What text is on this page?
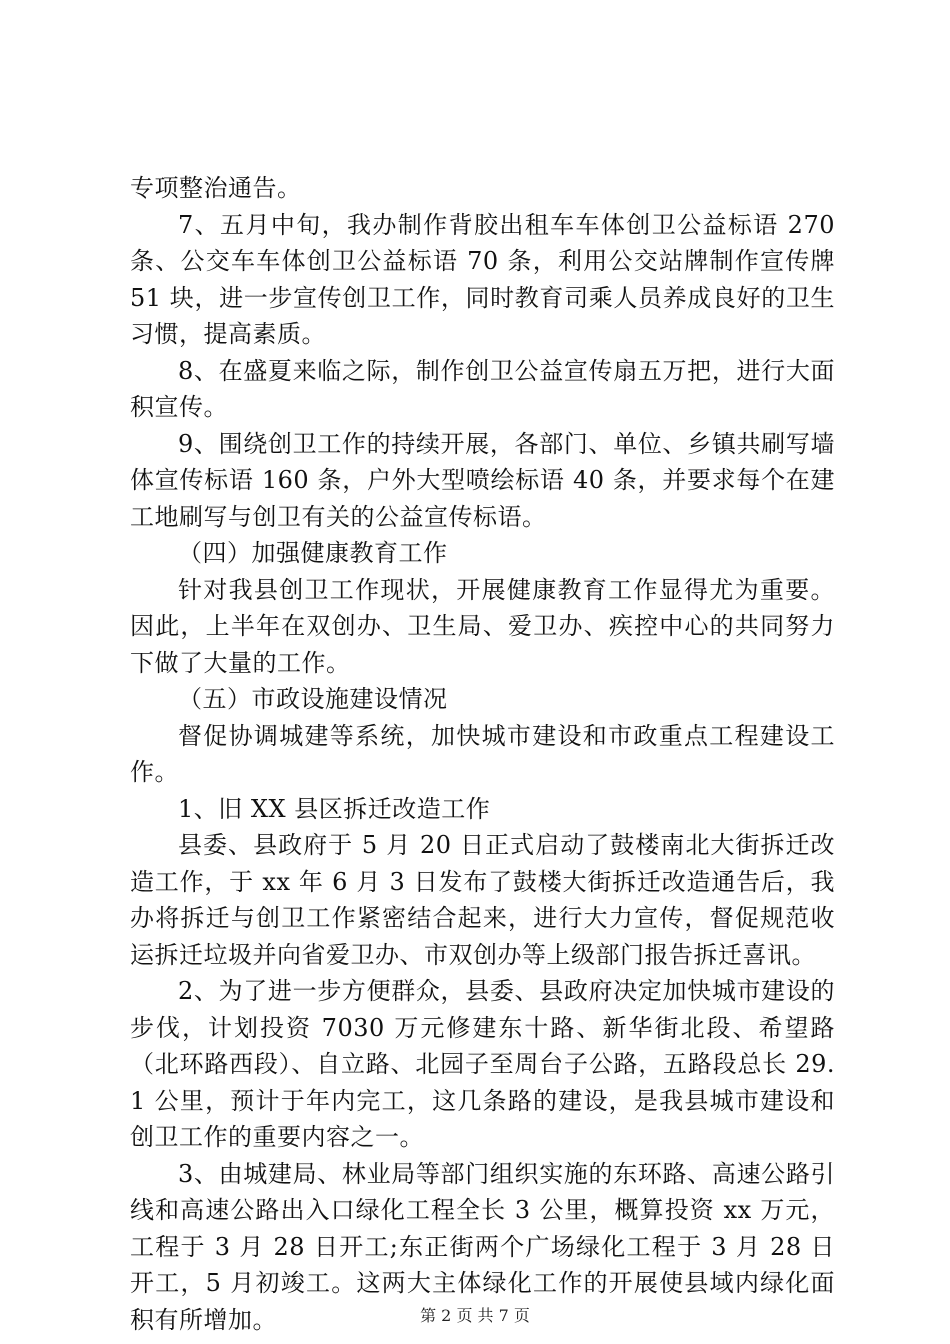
专项整治通告。

7、五月中旬，我办制作背胶出租车车体创卫公益标语 270 条、公交车车体创卫公益标语 70 条，利用公交站牌制作宣传牌 51 块，进一步宣传创卫工作，同时教育司乘人员养成良好的卫生习惯，提高素质。

8、在盛夏来临之际，制作创卫公益宣传扇五万把，进行大面积宣传。

9、围绕创卫工作的持续开展，各部门、单位、乡镇共刷写墙体宣传标语 160 条，户外大型喷绘标语 40 条，并要求每个在建工地刷写与创卫有关的公益宣传标语。

（四）加强健康教育工作

针对我县创卫工作现状，开展健康教育工作显得尤为重要。因此，上半年在双创办、卫生局、爱卫办、疾控中心的共同努力下做了大量的工作。

（五）市政设施建设情况

督促协调城建等系统，加快城市建设和市政重点工程建设工作。

1、旧 XX 县区拆迁改造工作

县委、县政府于 5 月 20 日正式启动了鼓楼南北大街拆迁改造工作，于 xx 年 6 月 3 日发布了鼓楼大街拆迁改造通告后，我办将拆迁与创卫工作紧密结合起来，进行大力宣传，督促规范收运拆迁垃圾并向省爱卫办、市双创办等上级部门报告拆迁喜讯。

2、为了进一步方便群众，县委、县政府决定加快城市建设的步伐，计划投资 7030 万元修建东十路、新华街北段、希望路（北环路西段）、自立路、北园子至周台子公路，五路段总长 29.1 公里，预计于年内完工，这几条路的建设，是我县城市建设和创卫工作的重要内容之一。

3、由城建局、林业局等部门组织实施的东环路、高速公路引线和高速公路出入口绿化工程全长 3 公里，概算投资 xx 万元，工程于 3 月 28 日开工;东正街两个广场绿化工程于 3 月 28 日开工，5 月初竣工。这两大主体绿化工作的开展使县域内绿化面积有所增加。	第 2 页 共 7 页
